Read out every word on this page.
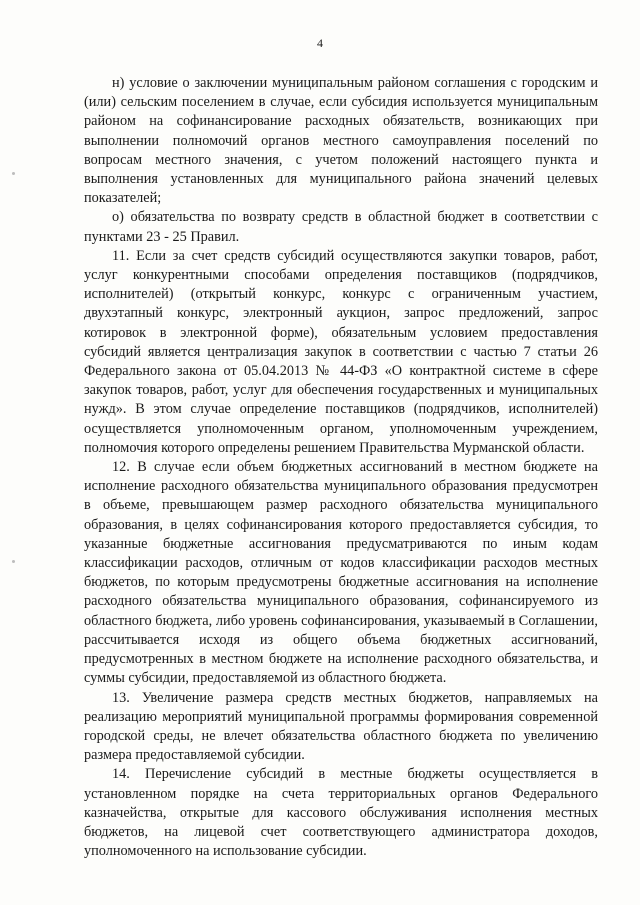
4

н) условие о заключении муниципальным районом соглашения с городским и (или) сельским поселением в случае, если субсидия используется муниципальным районом на софинансирование расходных обязательств, возникающих при выполнении полномочий органов местного самоуправления поселений по вопросам местного значения, с учетом положений настоящего пункта и выполнения установленных для муниципального района значений целевых показателей;

о) обязательства по возврату средств в областной бюджет в соответствии с пунктами 23 - 25 Правил.

11. Если за счет средств субсидий осуществляются закупки товаров, работ, услуг конкурентными способами определения поставщиков (подрядчиков, исполнителей) (открытый конкурс, конкурс с ограниченным участием, двухэтапный конкурс, электронный аукцион, запрос предложений, запрос котировок в электронной форме), обязательным условием предоставления субсидий является централизация закупок в соответствии с частью 7 статьи 26 Федерального закона от 05.04.2013 № 44-ФЗ «О контрактной системе в сфере закупок товаров, работ, услуг для обеспечения государственных и муниципальных нужд». В этом случае определение поставщиков (подрядчиков, исполнителей) осуществляется уполномоченным органом, уполномоченным учреждением, полномочия которого определены решением Правительства Мурманской области.

12. В случае если объем бюджетных ассигнований в местном бюджете на исполнение расходного обязательства муниципального образования предусмотрен в объеме, превышающем размер расходного обязательства муниципального образования, в целях софинансирования которого предоставляется субсидия, то указанные бюджетные ассигнования предусматриваются по иным кодам классификации расходов, отличным от кодов классификации расходов местных бюджетов, по которым предусмотрены бюджетные ассигнования на исполнение расходного обязательства муниципального образования, софинансируемого из областного бюджета, либо уровень софинансирования, указываемый в Соглашении, рассчитывается исходя из общего объема бюджетных ассигнований, предусмотренных в местном бюджете на исполнение расходного обязательства, и суммы субсидии, предоставляемой из областного бюджета.

13. Увеличение размера средств местных бюджетов, направляемых на реализацию мероприятий муниципальной программы формирования современной городской среды, не влечет обязательства областного бюджета по увеличению размера предоставляемой субсидии.

14. Перечисление субсидий в местные бюджеты осуществляется в установленном порядке на счета территориальных органов Федерального казначейства, открытые для кассового обслуживания исполнения местных бюджетов, на лицевой счет соответствующего администратора доходов, уполномоченного на использование субсидии.
